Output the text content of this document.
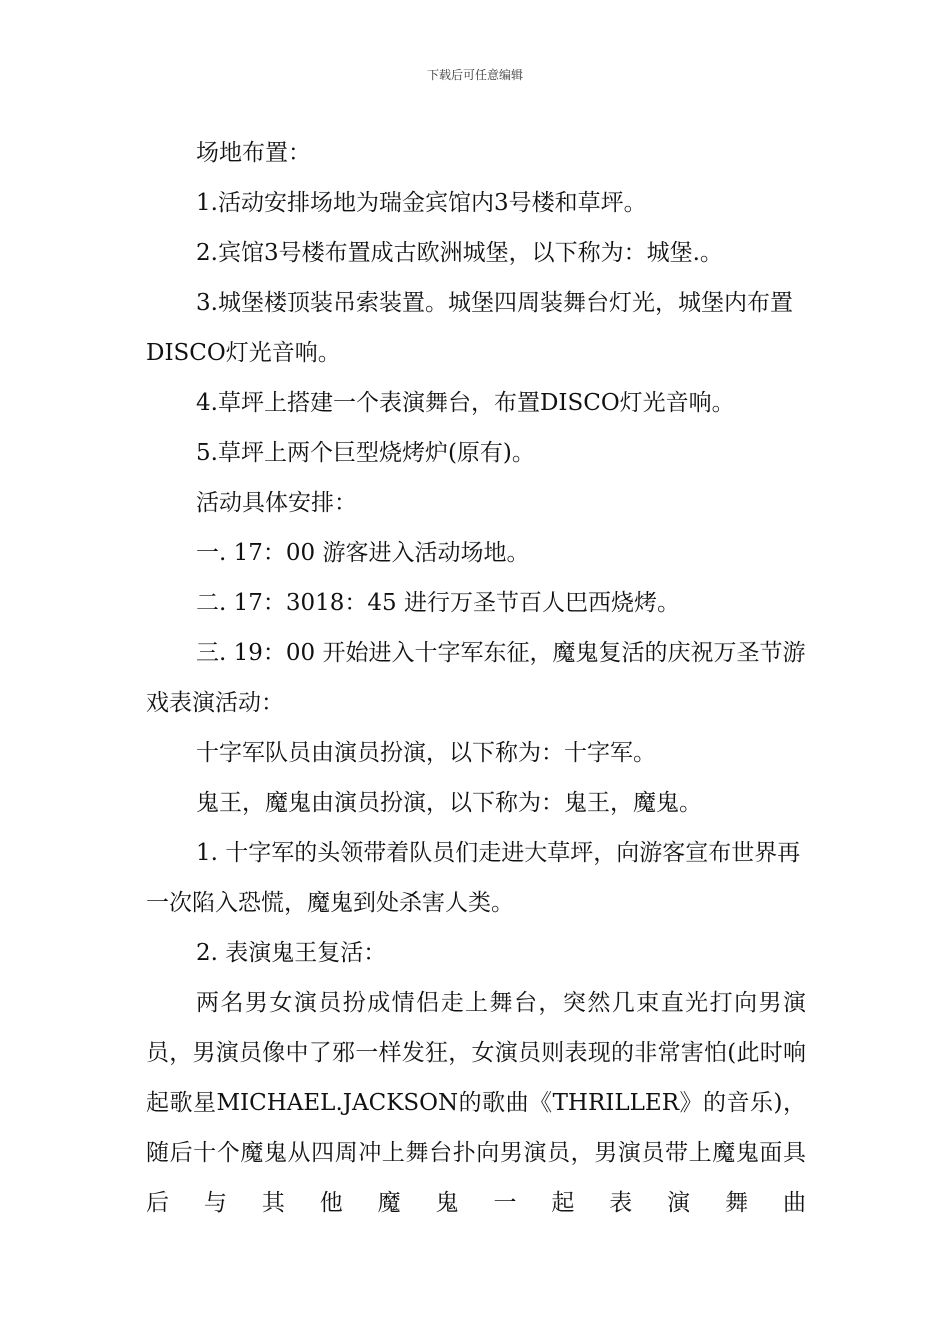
下载后可任意编辑

场地布置：

1.活动安排场地为瑞金宾馆内3号楼和草坪。

2.宾馆3号楼布置成古欧洲城堡，以下称为：城堡.。

3.城堡楼顶装吊索装置。城堡四周装舞台灯光，城堡内布置DISCO灯光音响。

4.草坪上搭建一个表演舞台，布置DISCO灯光音响。

5.草坪上两个巨型烧烤炉(原有)。

活动具体安排：

一. 17：00 游客进入活动场地。

二. 17：3018：45 进行万圣节百人巴西烧烤。

三. 19：00 开始进入十字军东征，魔鬼复活的庆祝万圣节游戏表演活动：

十字军队员由演员扮演，以下称为：十字军。

鬼王，魔鬼由演员扮演，以下称为：鬼王，魔鬼。

1. 十字军的头领带着队员们走进大草坪，向游客宣布世界再一次陷入恐慌，魔鬼到处杀害人类。

2. 表演鬼王复活：

两名男女演员扮成情侣走上舞台，突然几束直光打向男演员，男演员像中了邪一样发狂，女演员则表现的非常害怕(此时响起歌星MICHAEL.JACKSON的歌曲《THRILLER》的音乐)，随后十个魔鬼从四周冲上舞台扑向男演员，男演员带上魔鬼面具后与其他魔鬼一起表演舞曲
